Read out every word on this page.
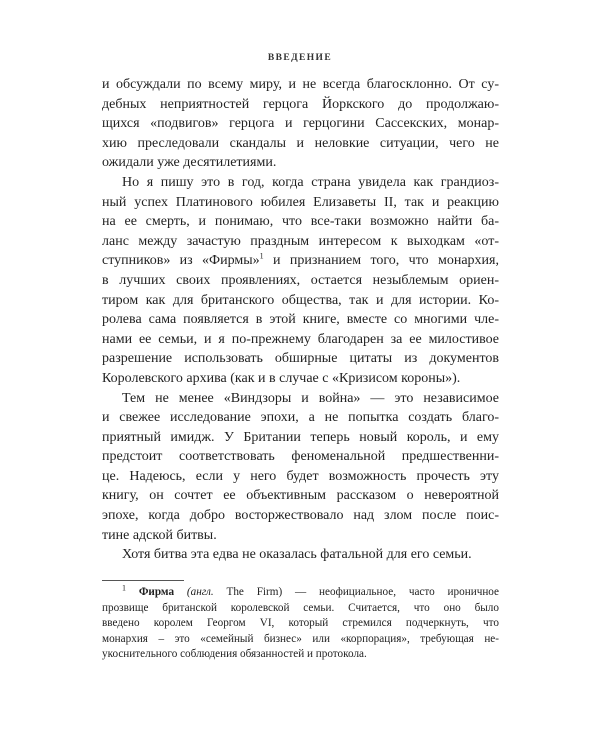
ВВЕДЕНИЕ

и обсуждали по всему миру, и не всегда благосклонно. От су-
дебных неприятностей герцога Йоркского до продолжаю-
щихся «подвигов» герцога и герцогини Сассекских, монар-
хию преследовали скандалы и неловкие ситуации, чего не
ожидали уже десятилетиями.

Но я пишу это в год, когда страна увидела как грандиоз-
ный успех Платинового юбилея Елизаветы II, так и реакцию
на ее смерть, и понимаю, что все-таки возможно найти ба-
ланс между зачастую праздным интересом к выходкам «от-
ступников» из «Фирмы»$^1$ и признанием того, что монархия,
в лучших своих проявлениях, остается незыблемым ориен-
тиром как для британского общества, так и для истории. Ко-
ролева сама появляется в этой книге, вместе со многими чле-
нами ее семьи, и я по-прежнему благодарен за ее милостивое
разрешение использовать обширные цитаты из документов
Королевского архива (как и в случае с «Кризисом короны»).

Тем не менее «Виндзоры и война» — это независимое
и свежее исследование эпохи, а не попытка создать благо-
приятный имидж. У Британии теперь новый король, и ему
предстоит соответствовать феноменальной предшественни-
це. Надеюсь, если у него будет возможность прочесть эту
книгу, он сочтет ее объективным рассказом о невероятной
эпохе, когда добро восторжествовало над злом после поис-
тине адской битвы.

Хотя битва эта едва не оказалась фатальной для его семьи.

$^1$ Фирма (англ. The Firm) — неофициальное, часто ироничное
прозвище британской королевской семьи. Считается, что оно было
введено королем Георгом VI, который стремился подчеркнуть, что
монархия – это «семейный бизнес» или «корпорация», требующая не-
укоснительного соблюдения обязанностей и протокола.
